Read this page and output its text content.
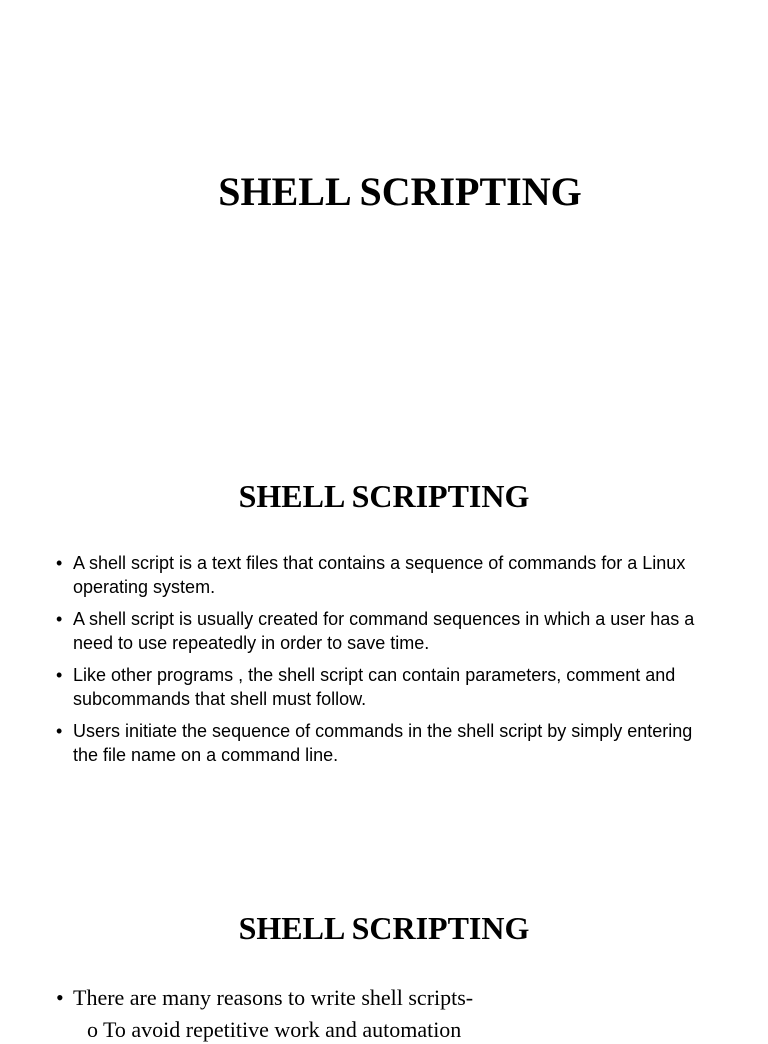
SHELL SCRIPTING
SHELL SCRIPTING
• A shell script is a text files that contains a sequence of commands for a Linux operating system.
• A shell script is usually created for command sequences in which a user has a need to use repeatedly in order to save time.
• Like other programs , the shell script can contain parameters, comment and subcommands that shell must follow.
• Users initiate the sequence of commands in the shell script by simply entering the file name on a command line.
SHELL SCRIPTING
• There are many reasons to write shell scripts-
o To avoid repetitive work and automation
